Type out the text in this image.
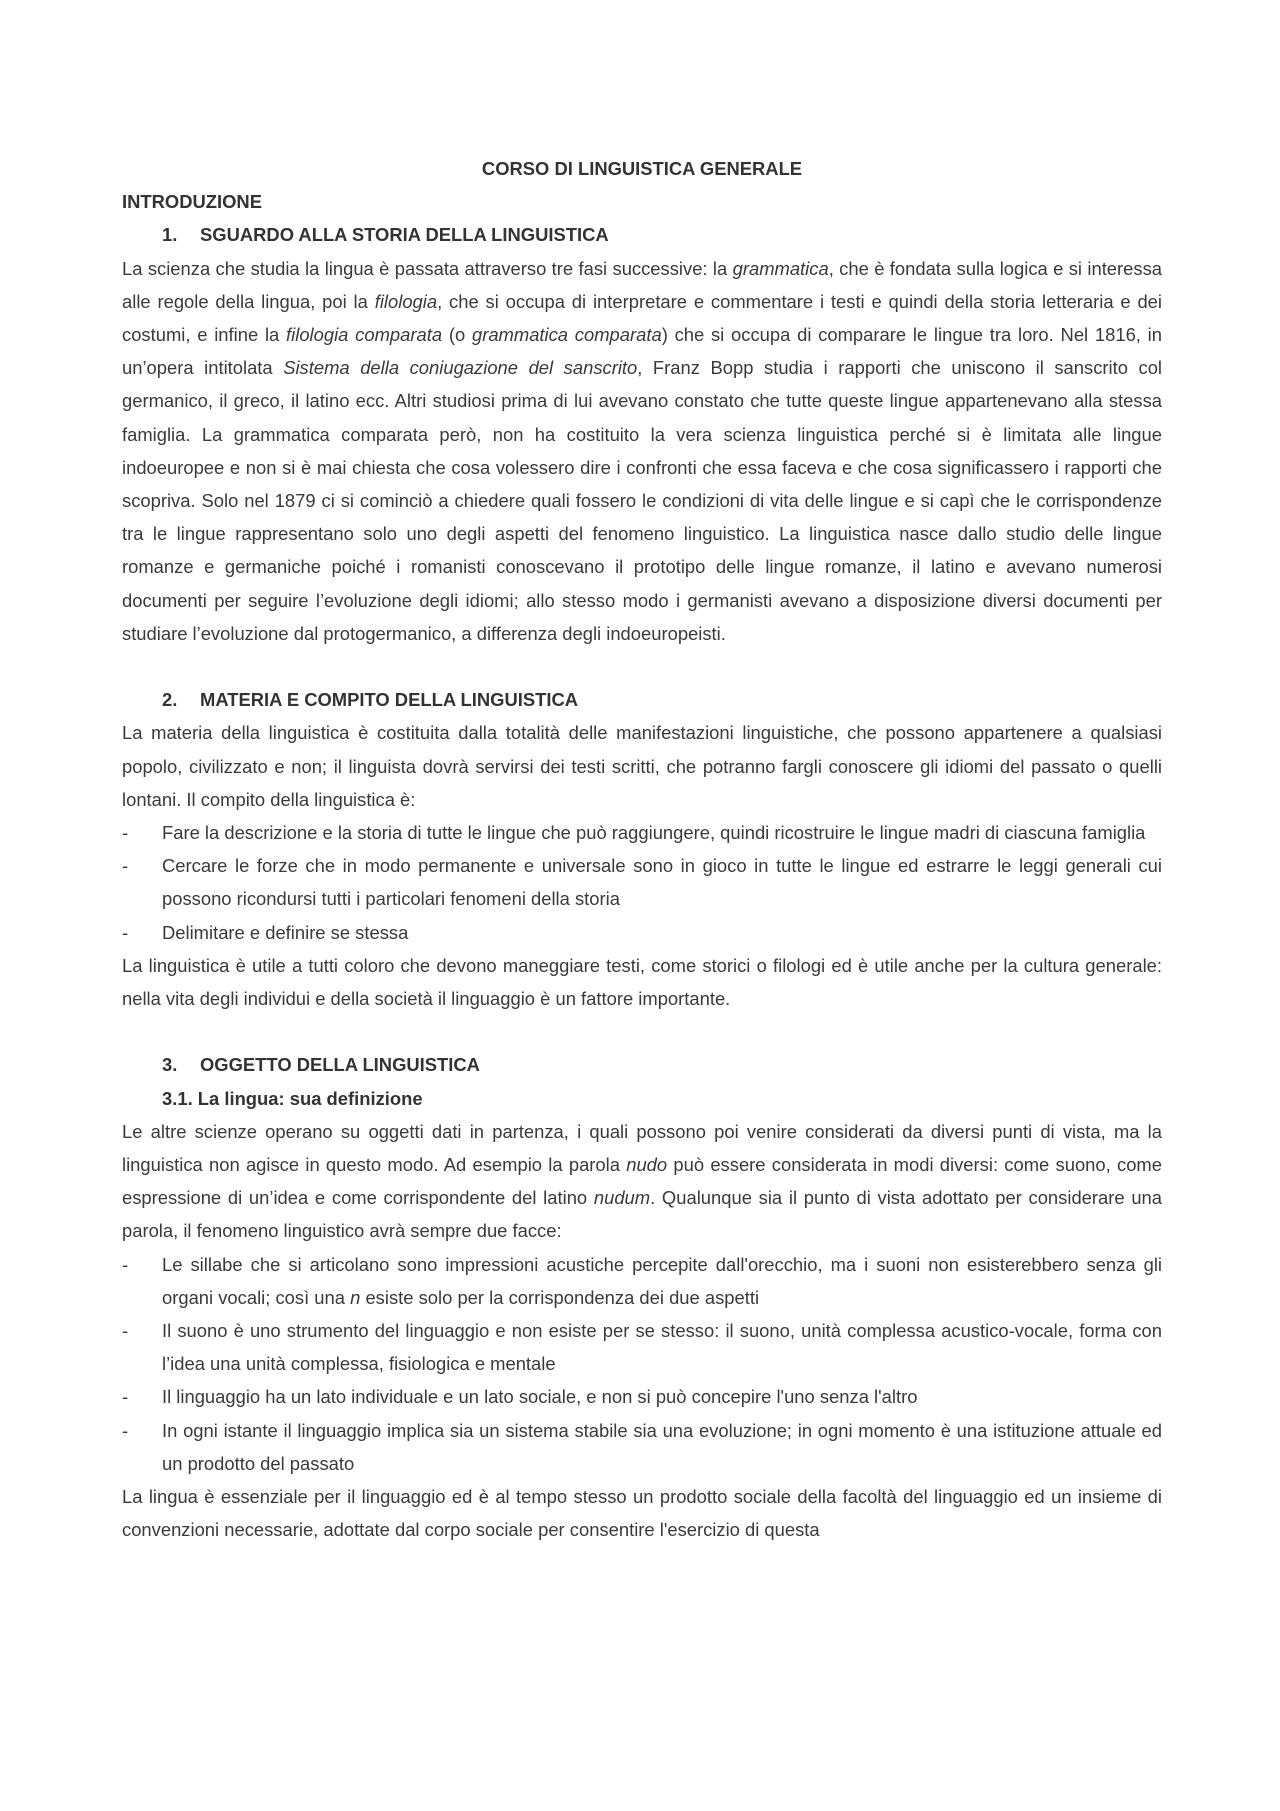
CORSO DI LINGUISTICA GENERALE
INTRODUZIONE
1. SGUARDO ALLA STORIA DELLA LINGUISTICA

La scienza che studia la lingua è passata attraverso tre fasi successive: la grammatica, che è fondata sulla logica e si interessa alle regole della lingua, poi la filologia, che si occupa di interpretare e commentare i testi e quindi della storia letteraria e dei costumi, e infine la filologia comparata (o grammatica comparata) che si occupa di comparare le lingue tra loro. Nel 1816, in un’opera intitolata Sistema della coniugazione del sanscrito, Franz Bopp studia i rapporti che uniscono il sanscrito col germanico, il greco, il latino ecc. Altri studiosi prima di lui avevano constato che tutte queste lingue appartenevano alla stessa famiglia. La grammatica comparata però, non ha costituito la vera scienza linguistica perché si è limitata alle lingue indoeuropee e non si è mai chiesta che cosa volessero dire i confronti che essa faceva e che cosa significassero i rapporti che scopriva. Solo nel 1879 ci si cominciò a chiedere quali fossero le condizioni di vita delle lingue e si capì che le corrispondenze tra le lingue rappresentano solo uno degli aspetti del fenomeno linguistico. La linguistica nasce dallo studio delle lingue romanze e germaniche poiché i romanisti conoscevano il prototipo delle lingue romanze, il latino e avevano numerosi documenti per seguire l’evoluzione degli idiomi; allo stesso modo i germanisti avevano a disposizione diversi documenti per studiare l’evoluzione dal protogermanico, a differenza degli indoeuropeisti.

2. MATERIA E COMPITO DELLA LINGUISTICA

La materia della linguistica è costituita dalla totalità delle manifestazioni linguistiche, che possono appartenere a qualsiasi popolo, civilizzato e non; il linguista dovrà servirsi dei testi scritti, che potranno fargli conoscere gli idiomi del passato o quelli lontani. Il compito della linguistica è:

- Fare la descrizione e la storia di tutte le lingue che può raggiungere, quindi ricostruire le lingue madri di ciascuna famiglia
- Cercare le forze che in modo permanente e universale sono in gioco in tutte le lingue ed estrarre le leggi generali cui possono ricondursi tutti i particolari fenomeni della storia
- Delimitare e definire se stessa

La linguistica è utile a tutti coloro che devono maneggiare testi, come storici o filologi ed è utile anche per la cultura generale: nella vita degli individui e della società il linguaggio è un fattore importante.

3. OGGETTO DELLA LINGUISTICA
3.1. La lingua: sua definizione

Le altre scienze operano su oggetti dati in partenza, i quali possono poi venire considerati da diversi punti di vista, ma la linguistica non agisce in questo modo. Ad esempio la parola nudo può essere considerata in modi diversi: come suono, come espressione di un’idea e come corrispondente del latino nudum. Qualunque sia il punto di vista adottato per considerare una parola, il fenomeno linguistico avrà sempre due facce:

- Le sillabe che si articolano sono impressioni acustiche percepite dall'orecchio, ma i suoni non esisterebbero senza gli organi vocali; così una n esiste solo per la corrispondenza dei due aspetti
- Il suono è uno strumento del linguaggio e non esiste per se stesso: il suono, unità complessa acustico-vocale, forma con l’idea una unità complessa, fisiologica e mentale
- Il linguaggio ha un lato individuale e un lato sociale, e non si può concepire l'uno senza l'altro
- In ogni istante il linguaggio implica sia un sistema stabile sia una evoluzione; in ogni momento è una istituzione attuale ed un prodotto del passato

La lingua è essenziale per il linguaggio ed è al tempo stesso un prodotto sociale della facoltà del linguaggio ed un insieme di convenzioni necessarie, adottate dal corpo sociale per consentire l'esercizio di questa
